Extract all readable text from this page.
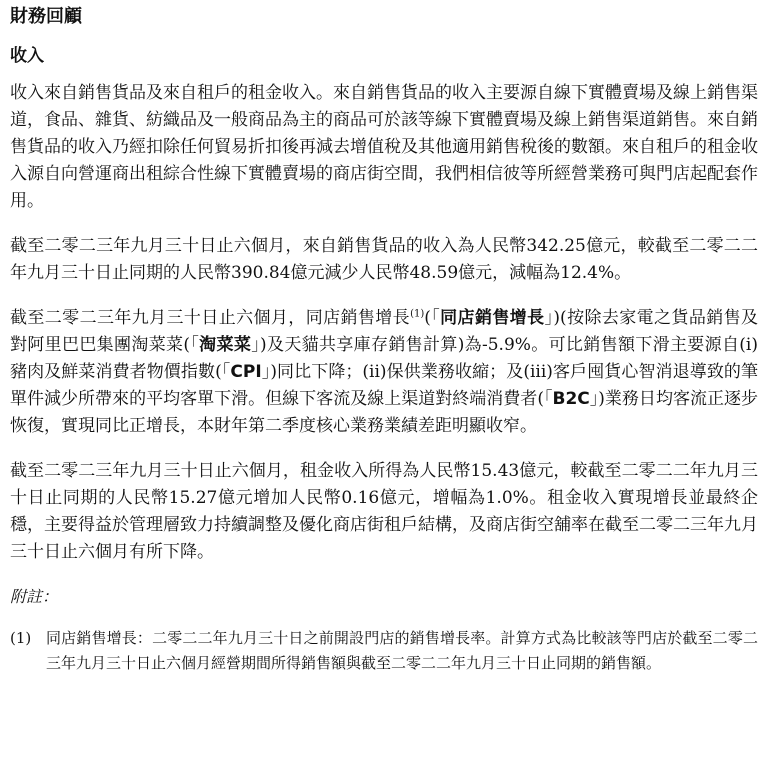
財務回顧
收入

收入來自銷售貨品及來自租戶的租金收入。來自銷售貨品的收入主要源自線下實體賣場及線上銷售渠道，食品、雜貨、紡織品及一般商品為主的商品可於該等線下實體賣場及線上銷售渠道銷售。來自銷售貨品的收入乃經扣除任何貿易折扣後再減去增值稅及其他適用銷售稅後的數額。來自租戶的租金收入源自向營運商出租綜合性線下實體賣場的商店街空間，我們相信彼等所經營業務可與門店起配套作用。

截至二零二三年九月三十日止六個月，來自銷售貨品的收入為人民幣342.25億元，較截至二零二二年九月三十日止同期的人民幣390.84億元減少人民幣48.59億元，減幅為12.4%。

截至二零二三年九月三十日止六個月，同店銷售增長$^{(1)}$(「同店銷售增長」)(按除去家電之貨品銷售及對阿里巴巴集團淘菜菜(「淘菜菜」)及天貓共享庫存銷售計算)為-5.9%。可比銷售額下滑主要源自(i)豬肉及鮮菜消費者物價指數(「CPI」)同比下降；(ii)保供業務收縮；及(iii)客戶囤貨心智消退導致的筆單件減少所帶來的平均客單下滑。但線下客流及線上渠道對終端消費者(「B2C」)業務日均客流正逐步恢復，實現同比正增長，本財年第二季度核心業務業績差距明顯收窄。

截至二零二三年九月三十日止六個月，租金收入所得為人民幣15.43億元，較截至二零二二年九月三十日止同期的人民幣15.27億元增加人民幣0.16億元，增幅為1.0%。租金收入實現增長並最終企穩，主要得益於管理層致力持續調整及優化商店街租戶結構，及商店街空舖率在截至二零二三年九月三十日止六個月有所下降。

附註：
(1) 同店銷售增長：二零二二年九月三十日之前開設門店的銷售增長率。計算方式為比較該等門店於截至二零二三年九月三十日止六個月經營期間所得銷售額與截至二零二二年九月三十日止同期的銷售額。
